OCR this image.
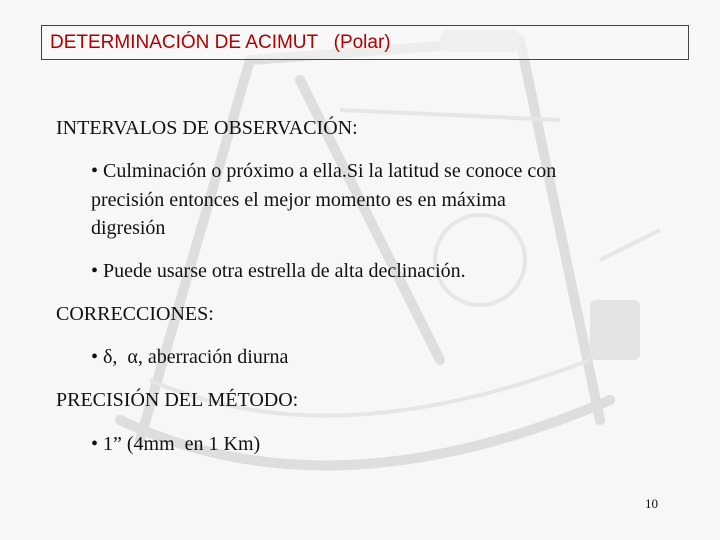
DETERMINACIÓN DE ACIMUT   (Polar)
INTERVALOS DE OBSERVACIÓN:
• Culminación o próximo a ella.Si la latitud se conoce con
precisión entonces el mejor momento es en máxima
digresión
• Puede usarse otra estrella de alta declinación.
CORRECCIONES:
• δ,  α, aberración diurna
PRECISIÓN DEL MÉTODO:
• 1” (4mm  en 1 Km)
10
